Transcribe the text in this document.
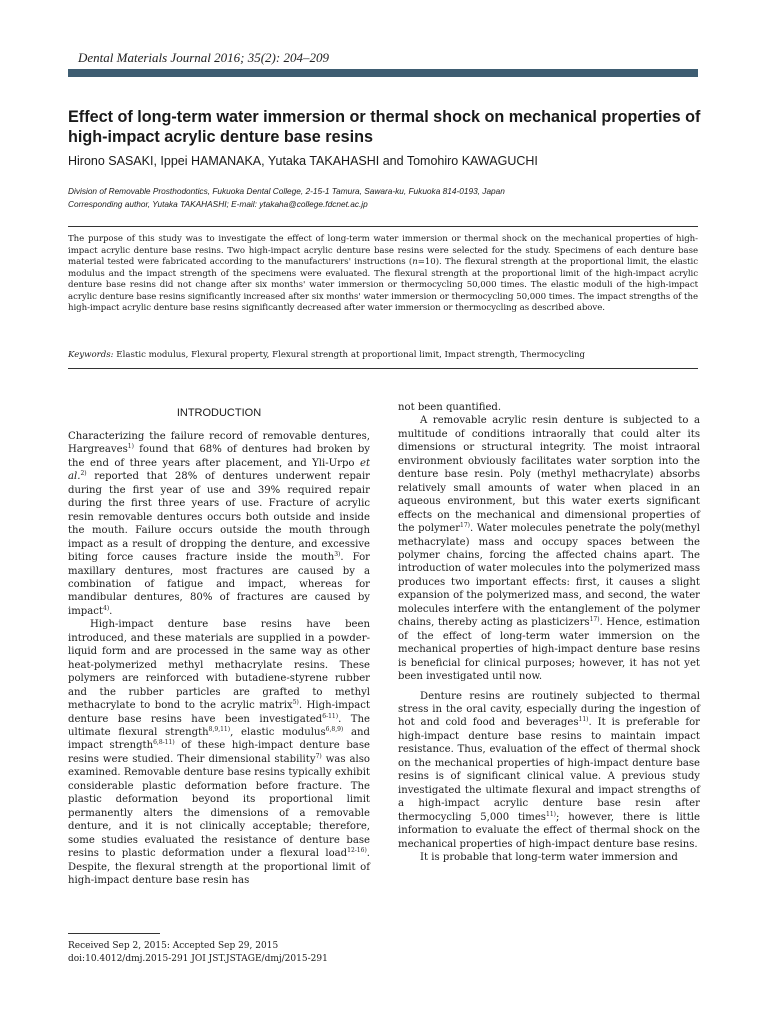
Dental Materials Journal 2016; 35(2): 204–209
Effect of long-term water immersion or thermal shock on mechanical properties of high-impact acrylic denture base resins
Hirono SASAKI, Ippei HAMANAKA, Yutaka TAKAHASHI and Tomohiro KAWAGUCHI
Division of Removable Prosthodontics, Fukuoka Dental College, 2-15-1 Tamura, Sawara-ku, Fukuoka 814-0193, Japan
Corresponding author, Yutaka TAKAHASHI; E-mail: ytakaha@college.fdcnet.ac.jp
The purpose of this study was to investigate the effect of long-term water immersion or thermal shock on the mechanical properties of high-impact acrylic denture base resins. Two high-impact acrylic denture base resins were selected for the study. Specimens of each denture base material tested were fabricated according to the manufacturers' instructions (n=10). The flexural strength at the proportional limit, the elastic modulus and the impact strength of the specimens were evaluated. The flexural strength at the proportional limit of the high-impact acrylic denture base resins did not change after six months' water immersion or thermocycling 50,000 times. The elastic moduli of the high-impact acrylic denture base resins significantly increased after six months' water immersion or thermocycling 50,000 times. The impact strengths of the high-impact acrylic denture base resins significantly decreased after water immersion or thermocycling as described above.
Keywords: Elastic modulus, Flexural property, Flexural strength at proportional limit, Impact strength, Thermocycling
INTRODUCTION

Characterizing the failure record of removable dentures, Hargreaves$^{1)}$ found that 68% of dentures had broken by the end of three years after placement, and Yli-Urpo et al.$^{2)}$ reported that 28% of dentures underwent repair during the first year of use and 39% required repair during the first three years of use. Fracture of acrylic resin removable dentures occurs both outside and inside the mouth. Failure occurs outside the mouth through impact as a result of dropping the denture, and excessive biting force causes fracture inside the mouth$^{3)}$. For maxillary dentures, most fractures are caused by a combination of fatigue and impact, whereas for mandibular dentures, 80% of fractures are caused by impact$^{4)}$.

High-impact denture base resins have been introduced, and these materials are supplied in a powder-liquid form and are processed in the same way as other heat-polymerized methyl methacrylate resins. These polymers are reinforced with butadiene-styrene rubber and the rubber particles are grafted to methyl methacrylate to bond to the acrylic matrix$^{5)}$. High-impact denture base resins have been investigated$^{6-11)}$. The ultimate flexural strength$^{8,9,11)}$, elastic modulus$^{6,8,9)}$ and impact strength$^{6,8-11)}$ of these high-impact denture base resins were studied. Their dimensional stability$^{7)}$ was also examined. Removable denture base resins typically exhibit considerable plastic deformation before fracture. The plastic deformation beyond its proportional limit permanently alters the dimensions of a removable denture, and it is not clinically acceptable; therefore, some studies evaluated the resistance of denture base resins to plastic deformation under a flexural load$^{12-16)}$. Despite, the flexural strength at the proportional limit of high-impact denture base resin has

not been quantified.

A removable acrylic resin denture is subjected to a multitude of conditions intraorally that could alter its dimensions or structural integrity. The moist intraoral environment obviously facilitates water sorption into the denture base resin. Poly (methyl methacrylate) absorbs relatively small amounts of water when placed in an aqueous environment, but this water exerts significant effects on the mechanical and dimensional properties of the polymer$^{17)}$. Water molecules penetrate the poly(methyl methacrylate) mass and occupy spaces between the polymer chains, forcing the affected chains apart. The introduction of water molecules into the polymerized mass produces two important effects: first, it causes a slight expansion of the polymerized mass, and second, the water molecules interfere with the entanglement of the polymer chains, thereby acting as plasticizers$^{17)}$. Hence, estimation of the effect of long-term water immersion on the mechanical properties of high-impact denture base resins is beneficial for clinical purposes; however, it has not yet been investigated until now.

Denture resins are routinely subjected to thermal stress in the oral cavity, especially during the ingestion of hot and cold food and beverages$^{11)}$. It is preferable for high-impact denture base resins to maintain impact resistance. Thus, evaluation of the effect of thermal shock on the mechanical properties of high-impact denture base resins is of significant clinical value. A previous study investigated the ultimate flexural and impact strengths of a high-impact acrylic denture base resin after thermocycling 5,000 times$^{11)}$; however, there is little information to evaluate the effect of thermal shock on the mechanical properties of high-impact denture base resins.

It is probable that long-term water immersion and

Received Sep 2, 2015: Accepted Sep 29, 2015
doi:10.4012/dmj.2015-291 JOI JST.JSTAGE/dmj/2015-291
